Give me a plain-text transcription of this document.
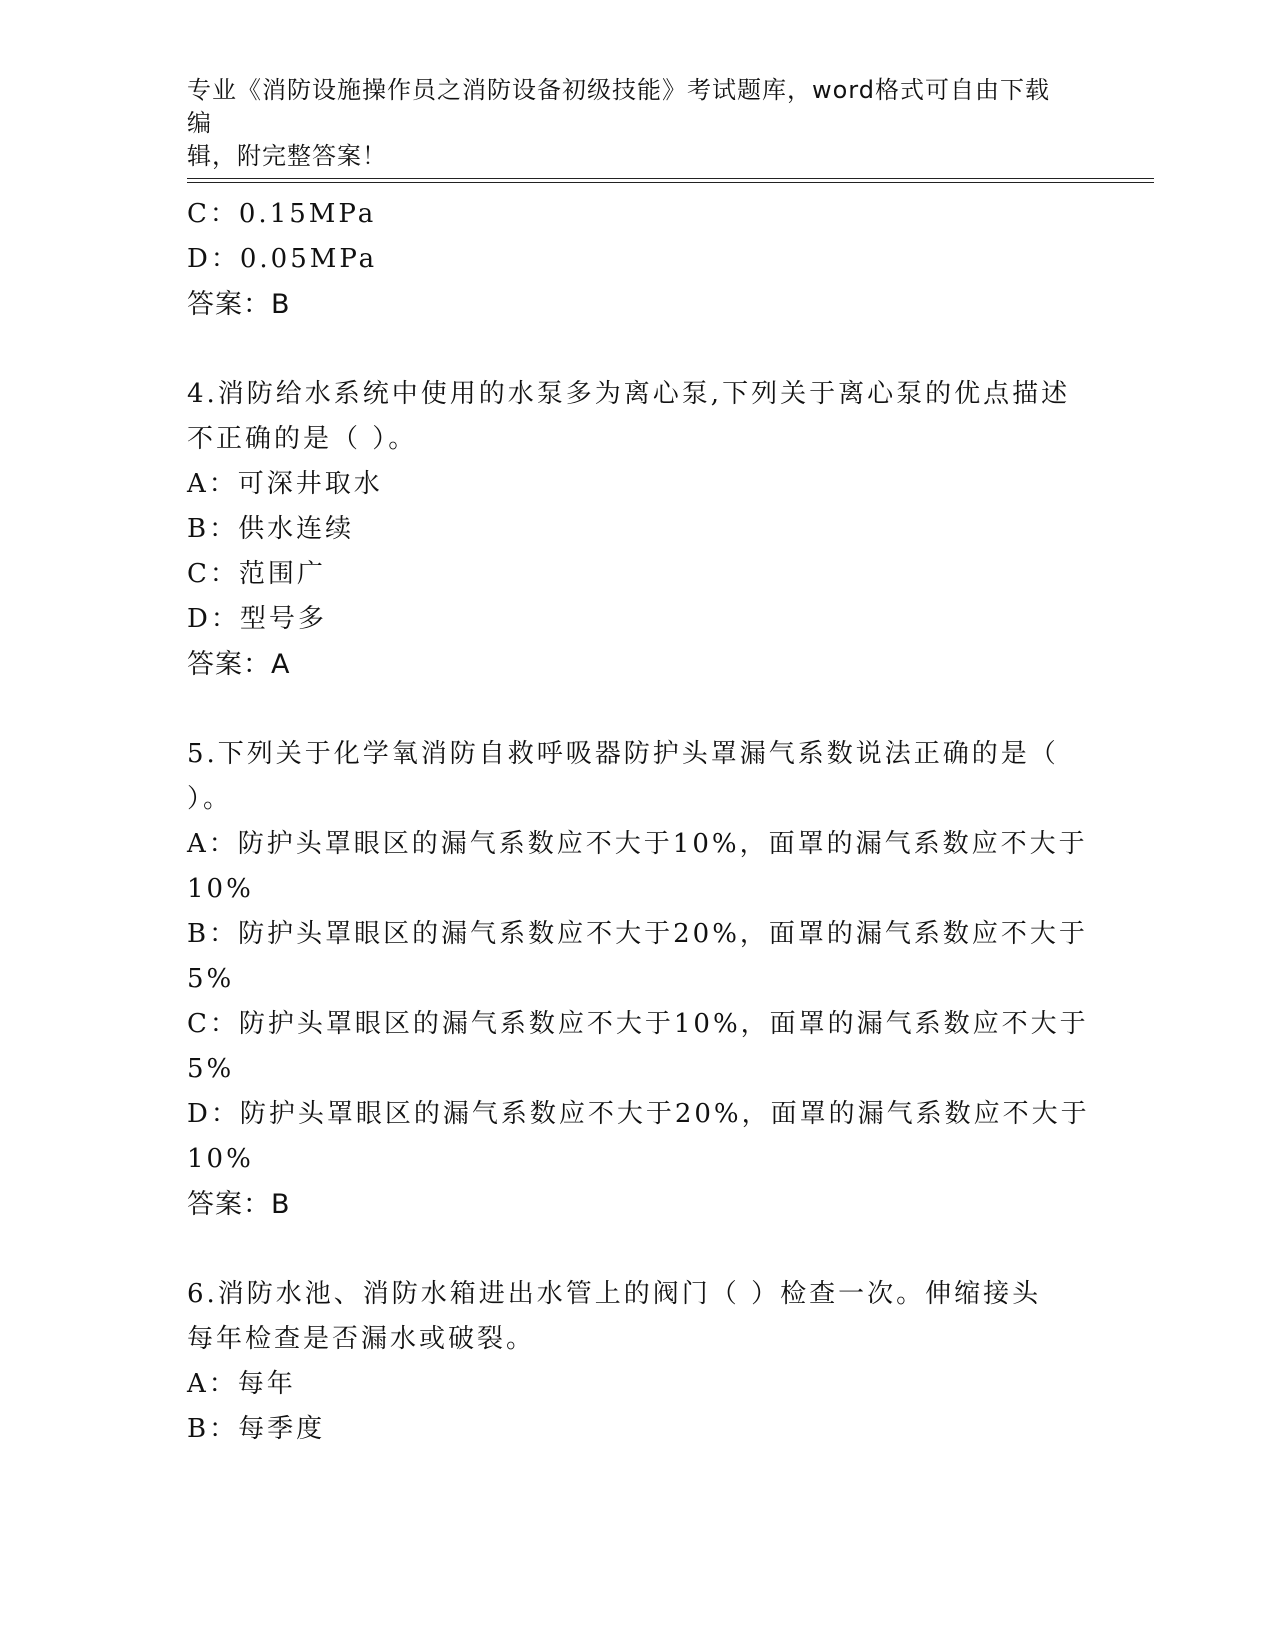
专业《消防设施操作员之消防设备初级技能》考试题库，word格式可自由下载编
辑，附完整答案！
C：0.15MPa
D：0.05MPa
答案：B
4.消防给水系统中使用的水泵多为离心泵,下列关于离心泵的优点描述
不正确的是（ ）。
A：可深井取水
B：供水连续
C：范围广
D：型号多
答案：A
5.下列关于化学氧消防自救呼吸器防护头罩漏气系数说法正确的是（
）。
A：防护头罩眼区的漏气系数应不大于10%，面罩的漏气系数应不大于
10%
B：防护头罩眼区的漏气系数应不大于20%，面罩的漏气系数应不大于
5%
C：防护头罩眼区的漏气系数应不大于10%，面罩的漏气系数应不大于
5%
D：防护头罩眼区的漏气系数应不大于20%，面罩的漏气系数应不大于
10%
答案：B
6.消防水池、消防水箱进出水管上的阀门（ ）检查一次。伸缩接头
每年检查是否漏水或破裂。
A：每年
B：每季度
